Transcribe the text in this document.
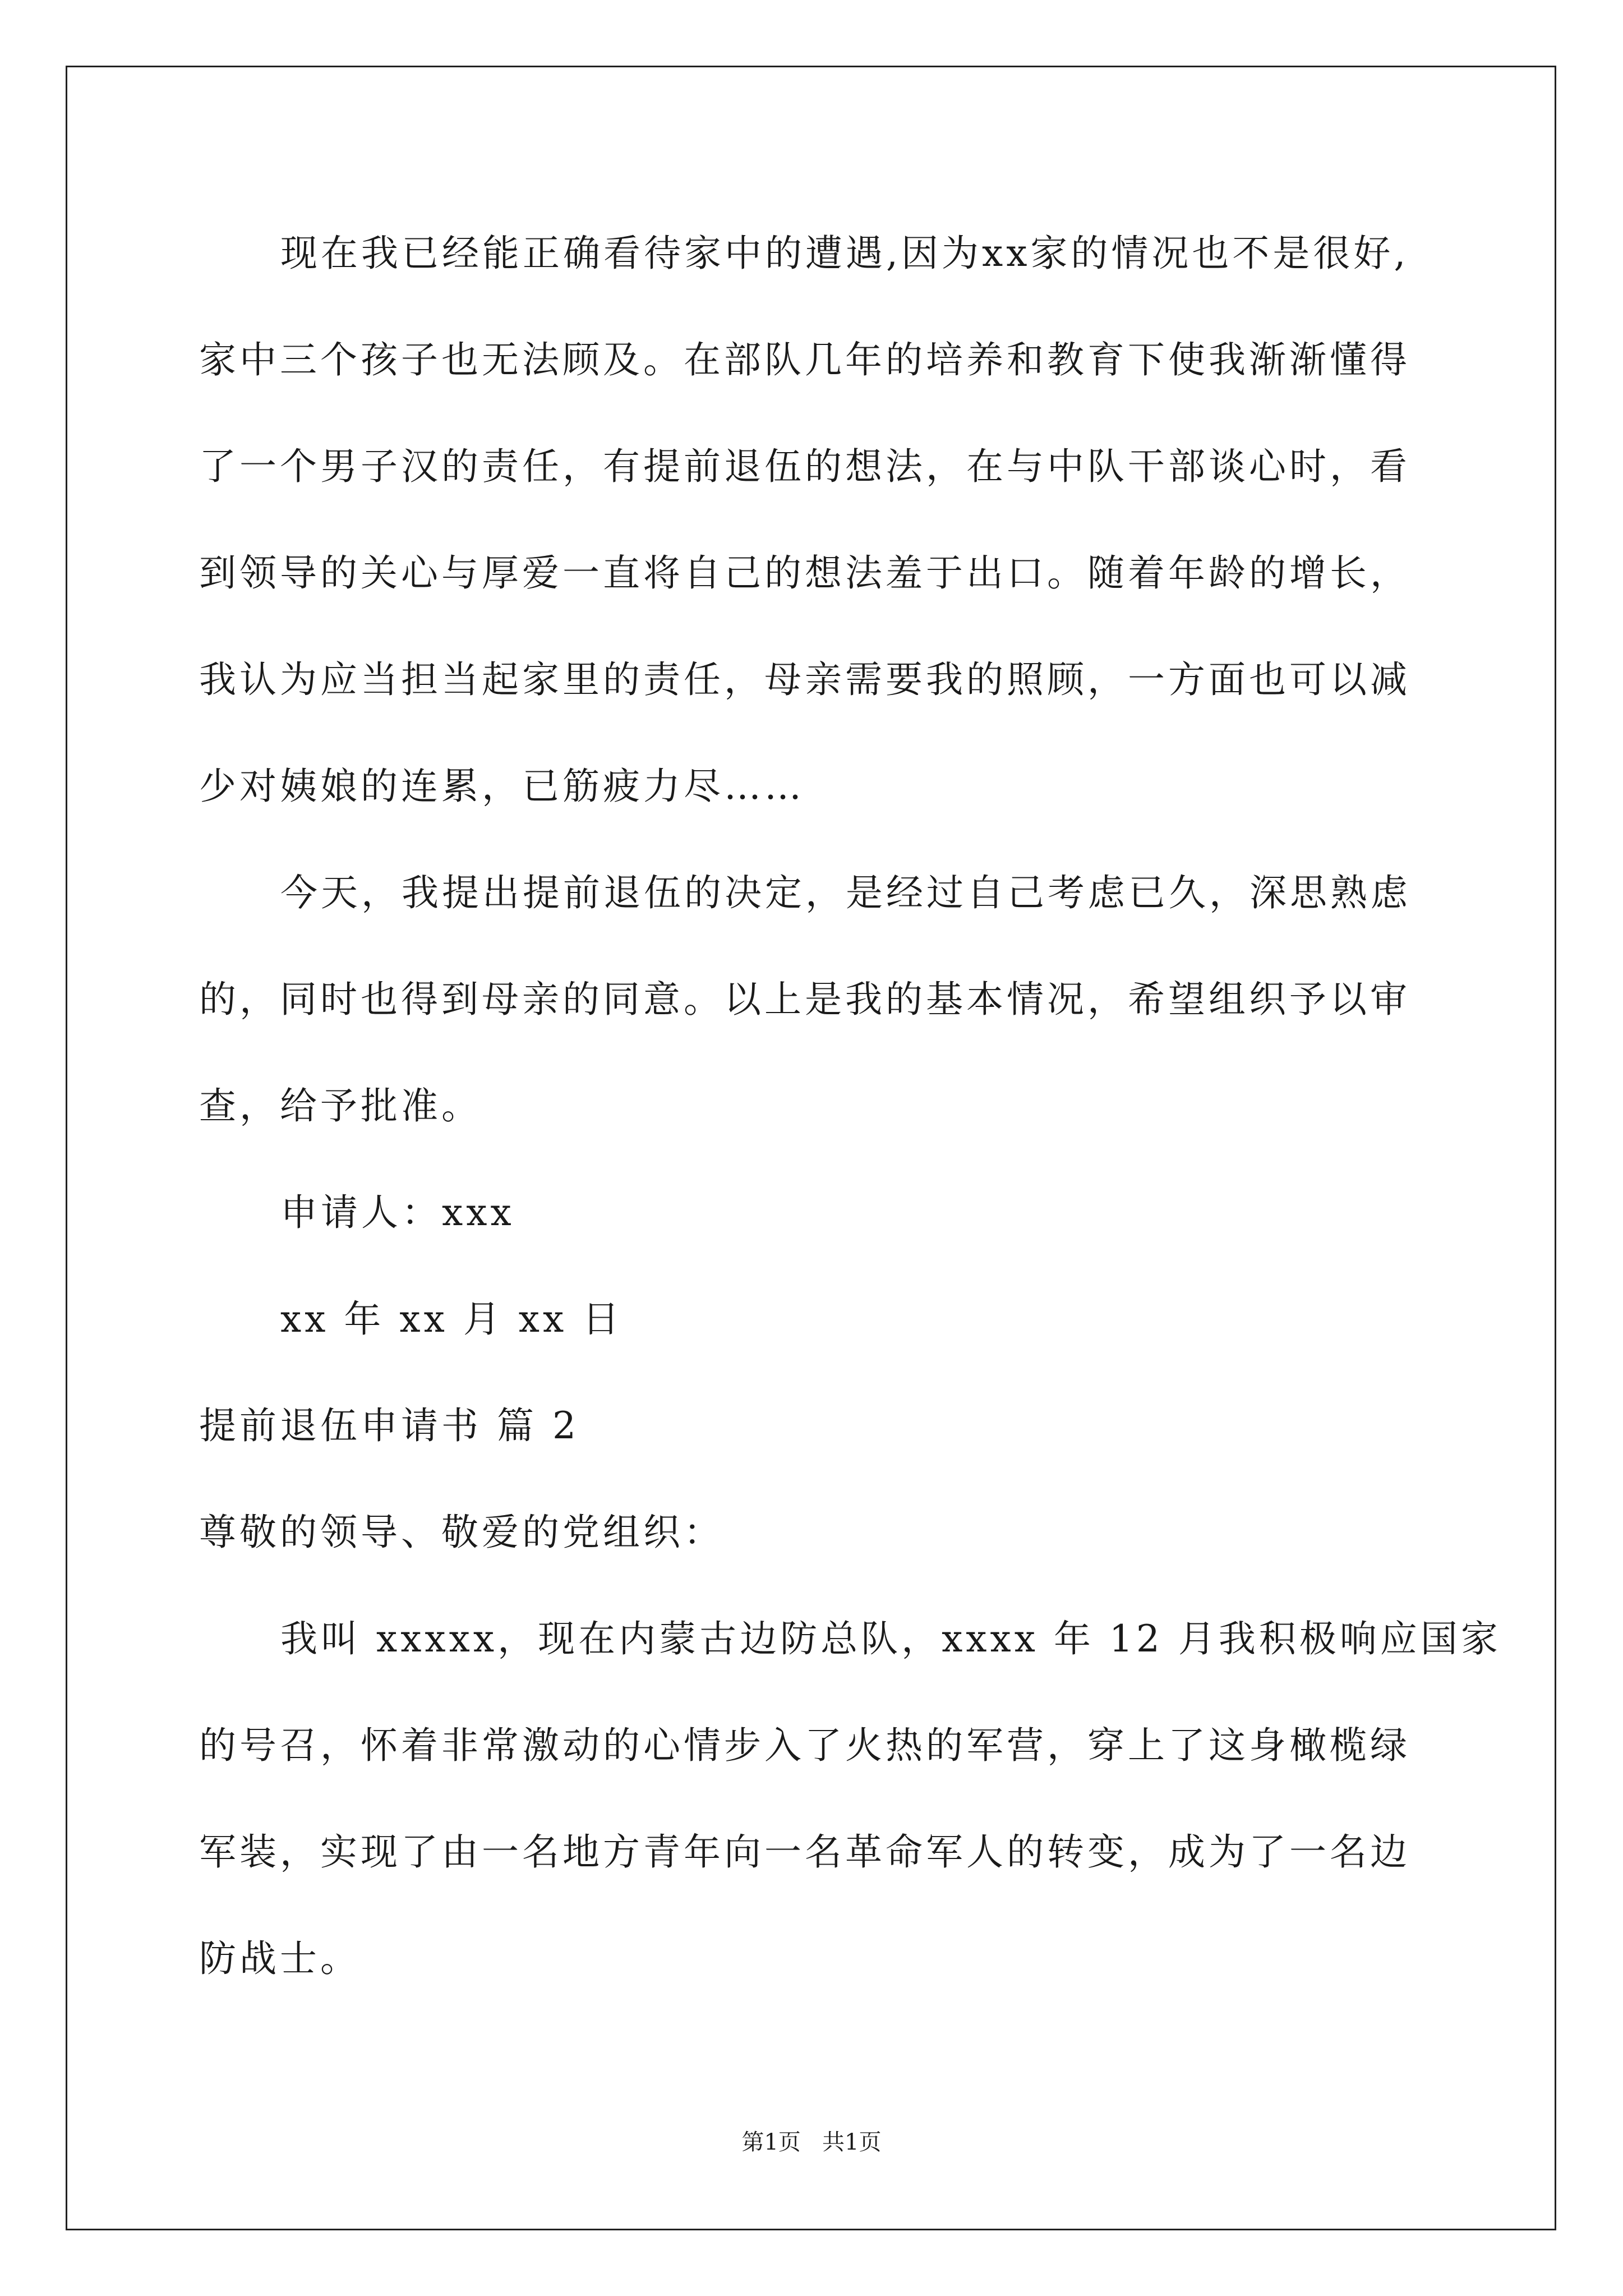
现在我已经能正确看待家中的遭遇,因为xx家的情况也不是很好,
家中三个孩子也无法顾及。在部队几年的培养和教育下使我渐渐懂得
了一个男子汉的责任，有提前退伍的想法，在与中队干部谈心时，看
到领导的关心与厚爱一直将自己的想法羞于出口。随着年龄的增长，
我认为应当担当起家里的责任，母亲需要我的照顾，一方面也可以减
少对姨娘的连累，已筋疲力尽……
今天，我提出提前退伍的决定，是经过自己考虑已久，深思熟虑
的，同时也得到母亲的同意。以上是我的基本情况，希望组织予以审
查，给予批准。
申请人：xxx
xx 年 xx 月 xx 日
提前退伍申请书 篇 2
尊敬的领导、敬爱的党组织：
我叫 xxxxx，现在内蒙古边防总队，xxxx 年 12 月我积极响应国家
的号召，怀着非常激动的心情步入了火热的军营，穿上了这身橄榄绿
军装，实现了由一名地方青年向一名革命军人的转变，成为了一名边
防战士。
第1页   共1页
